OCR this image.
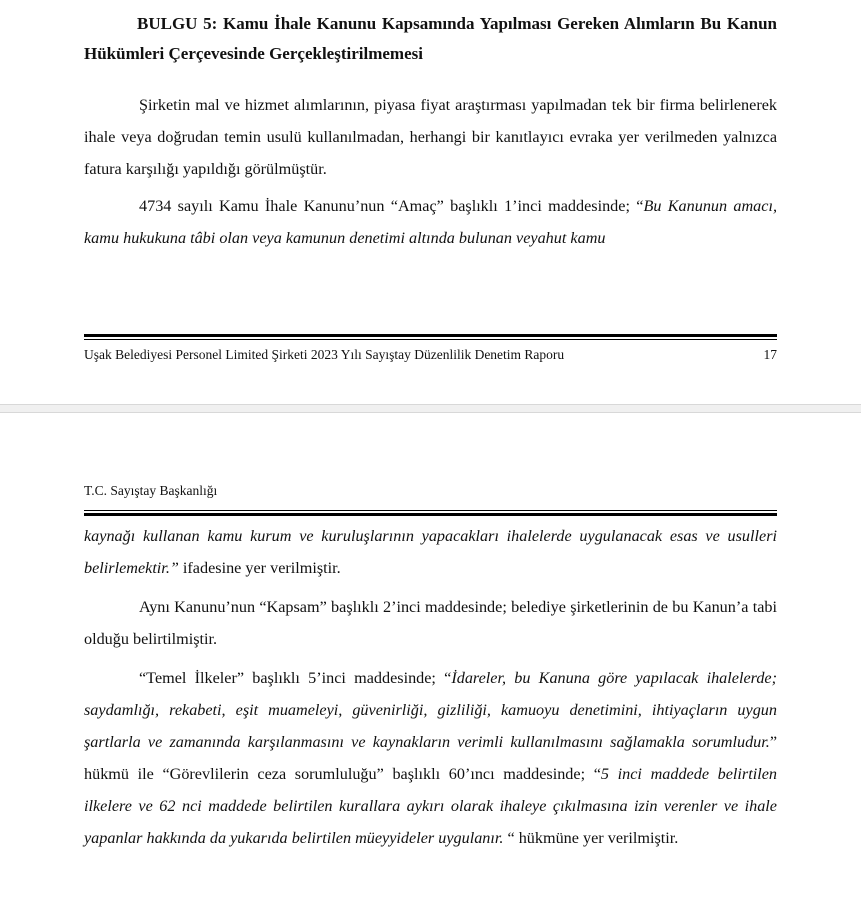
BULGU 5: Kamu İhale Kanunu Kapsamında Yapılması Gereken Alımların Bu Kanun Hükümleri Çerçevesinde Gerçekleştirilmemesi

Şirketin mal ve hizmet alımlarının, piyasa fiyat araştırması yapılmadan tek bir firma belirlenerek ihale veya doğrudan temin usulü kullanılmadan, herhangi bir kanıtlayıcı evraka yer verilmeden yalnızca fatura karşılığı yapıldığı görülmüştür.

4734 sayılı Kamu İhale Kanunu’nun “Amaç” başlıklı 1’inci maddesinde; “Bu Kanunun amacı, kamu hukukuna tâbi olan veya kamunun denetimi altında bulunan veyahut kamu

Uşak Belediyesi Personel Limited Şirketi 2023 Yılı Sayıştay Düzenlilik Denetim Raporu	17
T.C. Sayıştay Başkanlığı

kaynağı kullanan kamu kurum ve kuruluşlarının yapacakları ihalelerde uygulanacak esas ve usulleri belirlemektir.” ifadesine yer verilmiştir.

Aynı Kanunu’nun “Kapsam” başlıklı 2’inci maddesinde; belediye şirketlerinin de bu Kanun’a tabi olduğu belirtilmiştir.

“Temel İlkeler” başlıklı 5’inci maddesinde; “İdareler, bu Kanuna göre yapılacak ihalelerde; saydamlığı, rekabeti, eşit muameleyi, güvenirliği, gizliliği, kamuoyu denetimini, ihtiyaçların uygun şartlarla ve zamanında karşılanmasını ve kaynakların verimli kullanılmasını sağlamakla sorumludur.” hükmü ile “Görevlilerin ceza sorumluluğu” başlıklı 60’ıncı maddesinde; “5 inci maddede belirtilen ilkelere ve 62 nci maddede belirtilen kurallara aykırı olarak ihaleye çıkılmasına izin verenler ve ihale yapanlar hakkında da yukarıda belirtilen müeyyideler uygulanır. “ hükmüne yer verilmiştir.
